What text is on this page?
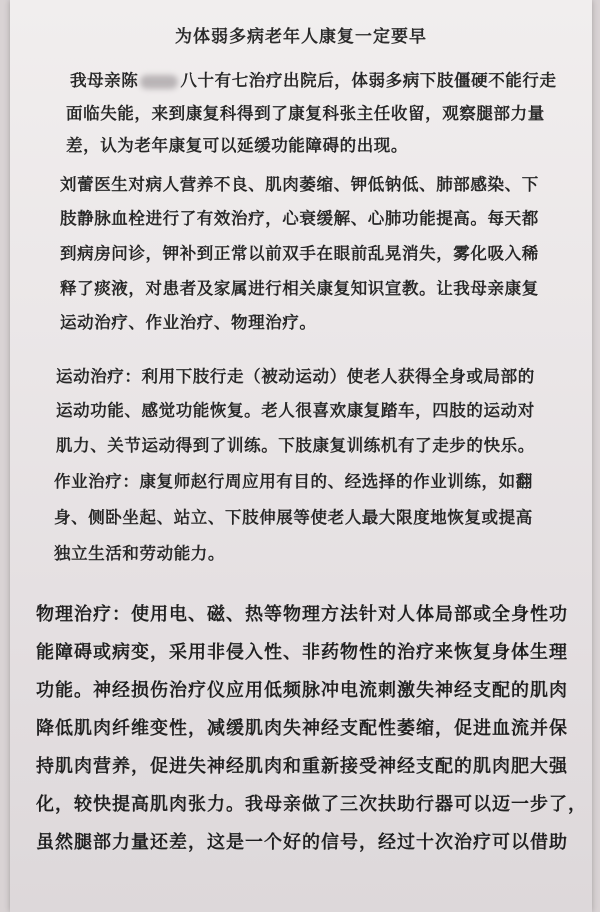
为体弱多病老年人康复一定要早
我母亲陈	八十有七治疗出院后，体弱多病下肢僵硬不能行走
面临失能，来到康复科得到了康复科张主任收留，观察腿部力量
差，认为老年康复可以延缓功能障碍的出现。
刘蕾医生对病人营养不良、肌肉萎缩、钾低钠低、肺部感染、下
肢静脉血栓进行了有效治疗，心衰缓解、心肺功能提高。每天都
到病房问诊，钾补到正常以前双手在眼前乱晃消失，雾化吸入稀
释了痰液，对患者及家属进行相关康复知识宣教。让我母亲康复
运动治疗、作业治疗、物理治疗。
运动治疗：利用下肢行走（被动运动）使老人获得全身或局部的
运动功能、感觉功能恢复。老人很喜欢康复踏车，四肢的运动对
肌力、关节运动得到了训练。下肢康复训练机有了走步的快乐。
作业治疗：康复师赵行周应用有目的、经选择的作业训练，如翻
身、侧卧坐起、站立、下肢伸展等使老人最大限度地恢复或提高
独立生活和劳动能力。
物理治疗：使用电、磁、热等物理方法针对人体局部或全身性功
能障碍或病变，采用非侵入性、非药物性的治疗来恢复身体生理
功能。神经损伤治疗仪应用低频脉冲电流刺激失神经支配的肌肉
降低肌肉纤维变性，减缓肌肉失神经支配性萎缩，促进血流并保
持肌肉营养，促进失神经肌肉和重新接受神经支配的肌肉肥大强
化，较快提高肌肉张力。我母亲做了三次扶助行器可以迈一步了，
虽然腿部力量还差，这是一个好的信号，经过十次治疗可以借助
